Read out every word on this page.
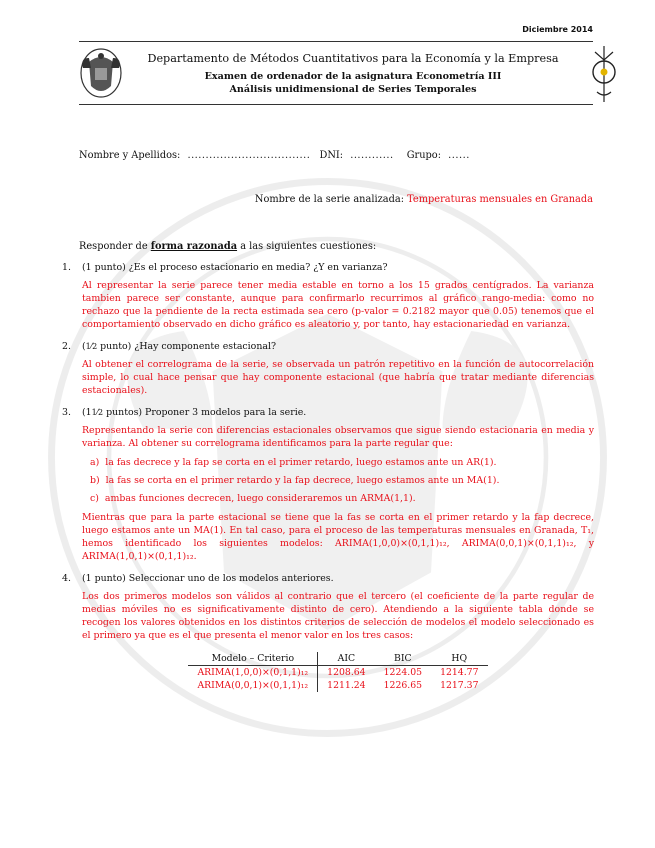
Diciembre 2014
Departamento de Métodos Cuantitativos para la Economía y la Empresa
Examen de ordenador de la asignatura Econometría III
Análisis unidimensional de Series Temporales
Nombre y Apellidos: .................................. DNI: ............ Grupo: ......
Nombre de la serie analizada: Temperaturas mensuales en Granada
Responder de forma razonada a las siguientes cuestiones:
1. (1 punto) ¿Es el proceso estacionario en media? ¿Y en varianza?
Al representar la serie parece tener media estable en torno a los 15 grados centígrados. La varianza tambien parece ser constante, aunque para confirmarlo recurrimos al gráfico rango-media: como no rechazo que la pendiente de la recta estimada sea cero (p-valor = 0.2182 mayor que 0.05) tenemos que el comportamiento observado en dicho gráfico es aleatorio y, por tanto, hay estacionariedad en varianza.
2. (1⁄2 punto) ¿Hay componente estacional?
Al obtener el correlograma de la serie, se observada un patrón repetitivo en la función de autocorrelación simple, lo cual hace pensar que hay componente estacional (que habría que tratar mediante diferencias estacionales).
3. (11⁄2 puntos) Proponer 3 modelos para la serie.
Representando la serie con diferencias estacionales observamos que sigue siendo estacionaria en media y varianza. Al obtener su correlograma identificamos para la parte regular que:
a) la fas decrece y la fap se corta en el primer retardo, luego estamos ante un AR(1).
b) la fas se corta en el primer retardo y la fap decrece, luego estamos ante un MA(1).
c) ambas funciones decrecen, luego consideraremos un ARMA(1,1).
Mientras que para la parte estacional se tiene que la fas se corta en el primer retardo y la fap decrece, luego estamos ante un MA(1). En tal caso, para el proceso de las temperaturas mensuales en Granada, T₁, hemos identificado los siguientes modelos: ARIMA(1,0,0)×(0,1,1)₁₂, ARIMA(0,0,1)×(0,1,1)₁₂, y ARIMA(1,0,1)×(0,1,1)₁₂.
4. (1 punto) Seleccionar uno de los modelos anteriores.
Los dos primeros modelos son válidos al contrario que el tercero (el coeficiente de la parte regular de medias móviles no es significativamente distinto de cero). Atendiendo a la siguiente tabla donde se recogen los valores obtenidos en los distintos criterios de selección de modelos el modelo seleccionado es el primero ya que es el que presenta el menor valor en los tres casos:
Modelo – Criterio	AIC	BIC	HQ
ARIMA(1,0,0)×(0,1,1)₁₂	1208.64	1224.05	1214.77
ARIMA(0,0,1)×(0,1,1)₁₂	1211.24	1226.65	1217.37
